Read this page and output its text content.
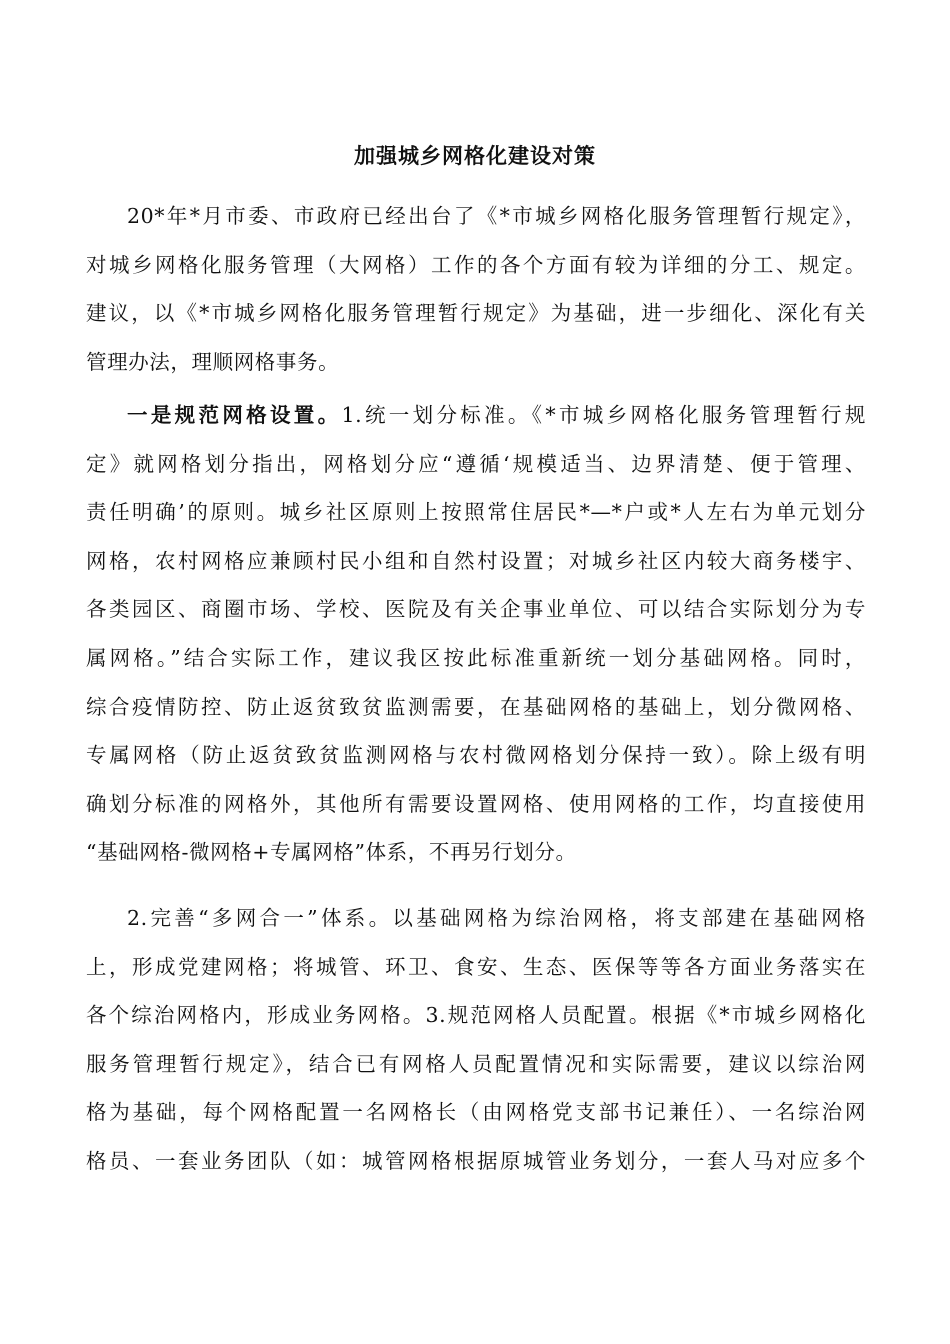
加强城乡网格化建设对策
20*年*月市委、市政府已经出台了《*市城乡网格化服务管理暂行规定》，
对城乡网格化服务管理（大网格）工作的各个方面有较为详细的分工、规定。
建议，以《*市城乡网格化服务管理暂行规定》为基础，进一步细化、深化有关
管理办法，理顺网格事务。
一是规范网格设置。1.统一划分标准。《*市城乡网格化服务管理暂行规
定》就网格划分指出，网格划分应“遵循‘规模适当、边界清楚、便于管理、
责任明确’的原则。城乡社区原则上按照常住居民*—*户或*人左右为单元划分
网格，农村网格应兼顾村民小组和自然村设置；对城乡社区内较大商务楼宇、
各类园区、商圈市场、学校、医院及有关企事业单位、可以结合实际划分为专
属网格。”结合实际工作，建议我区按此标准重新统一划分基础网格。同时，
综合疫情防控、防止返贫致贫监测需要，在基础网格的基础上，划分微网格、
专属网格（防止返贫致贫监测网格与农村微网格划分保持一致）。除上级有明
确划分标准的网格外，其他所有需要设置网格、使用网格的工作，均直接使用
“基础网格-微网格+专属网格”体系，不再另行划分。
2.完善“多网合一”体系。以基础网格为综治网格，将支部建在基础网格
上，形成党建网格；将城管、环卫、食安、生态、医保等等各方面业务落实在
各个综治网格内，形成业务网格。3.规范网格人员配置。根据《*市城乡网格化
服务管理暂行规定》，结合已有网格人员配置情况和实际需要，建议以综治网
格为基础，每个网格配置一名网格长（由网格党支部书记兼任）、一名综治网
格员、一套业务团队（如：城管网格根据原城管业务划分，一套人马对应多个
